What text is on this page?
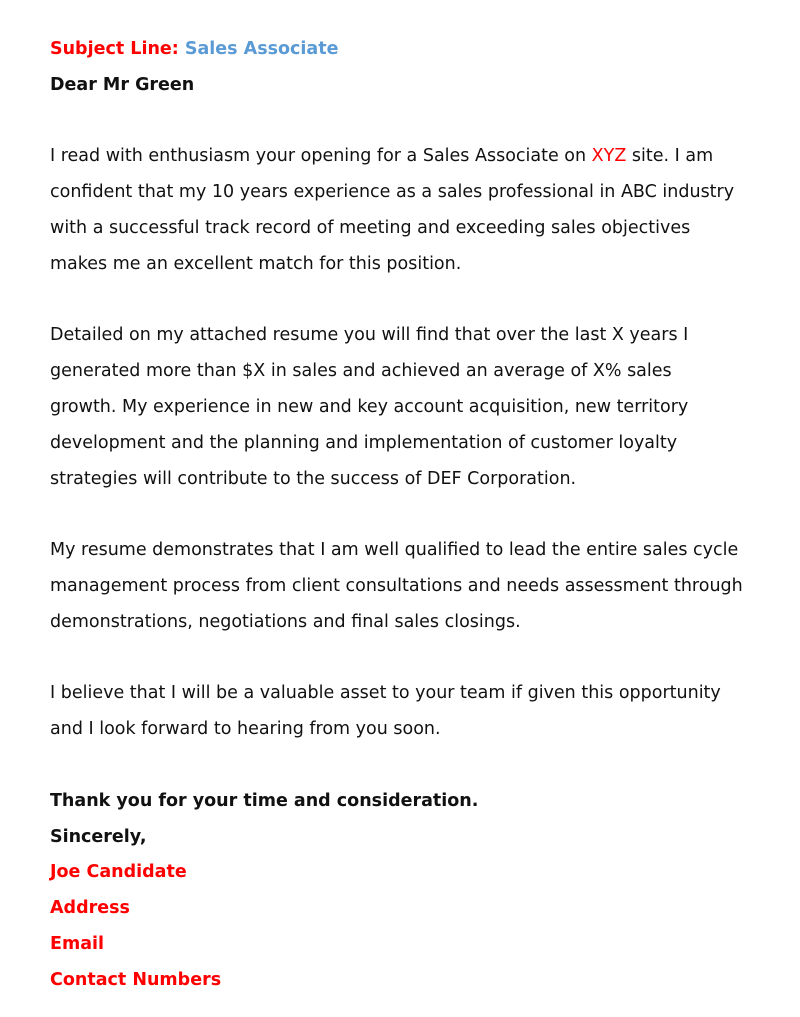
Subject Line: Sales Associate
Dear Mr Green
I read with enthusiasm your opening for a Sales Associate on XYZ site. I am
confident that my 10 years experience as a sales professional in ABC industry
with a successful track record of meeting and exceeding sales objectives
makes me an excellent match for this position.
Detailed on my attached resume you will find that over the last X years I
generated more than $X in sales and achieved an average of X% sales
growth. My experience in new and key account acquisition, new territory
development and the planning and implementation of customer loyalty
strategies will contribute to the success of DEF Corporation.
My resume demonstrates that I am well qualified to lead the entire sales cycle
management process from client consultations and needs assessment through
demonstrations, negotiations and final sales closings.
I believe that I will be a valuable asset to your team if given this opportunity
and I look forward to hearing from you soon.
Thank you for your time and consideration.
Sincerely,
Joe Candidate
Address
Email
Contact Numbers
